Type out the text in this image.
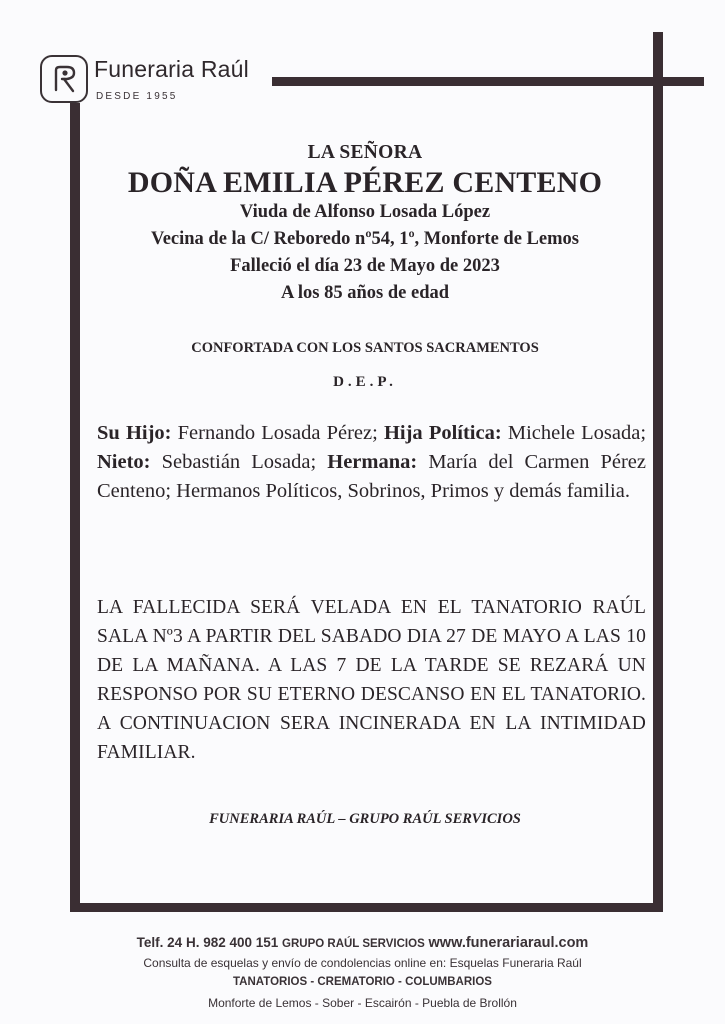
Funeraria Raúl
DESDE 1955
LA SEÑORA
DOÑA EMILIA PÉREZ CENTENO
Viuda de Alfonso Losada López
Vecina de la C/ Reboredo nº54, 1º, Monforte de Lemos
Falleció el día 23 de Mayo de 2023
A los 85 años de edad
CONFORTADA CON LOS SANTOS SACRAMENTOS
D.E.P.
Su Hijo: Fernando Losada Pérez; Hija Política: Michele Losada; Nieto: Sebastián Losada; Hermana: María del Carmen Pérez Centeno; Hermanos Políticos, Sobrinos, Primos y demás familia.
LA FALLECIDA SERÁ VELADA EN EL TANATORIO RAÚL SALA Nº3 A PARTIR DEL SABADO DIA 27 DE MAYO A LAS 10 DE LA MAÑANA. A LAS 7 DE LA TARDE SE REZARÁ UN RESPONSO POR SU ETERNO DESCANSO EN EL TANATORIO. A CONTINUACION SERA INCINERADA EN LA INTIMIDAD FAMILIAR.
FUNERARIA RAÚL – GRUPO RAÚL SERVICIOS
Telf. 24 H. 982 400 151 GRUPO RAÚL SERVICIOS www.funerariaraul.com
Consulta de esquelas y envío de condolencias online en: Esquelas Funeraria Raúl
TANATORIOS - CREMATORIO - COLUMBARIOS
Monforte de Lemos - Sober - Escairón - Puebla de Brollón
